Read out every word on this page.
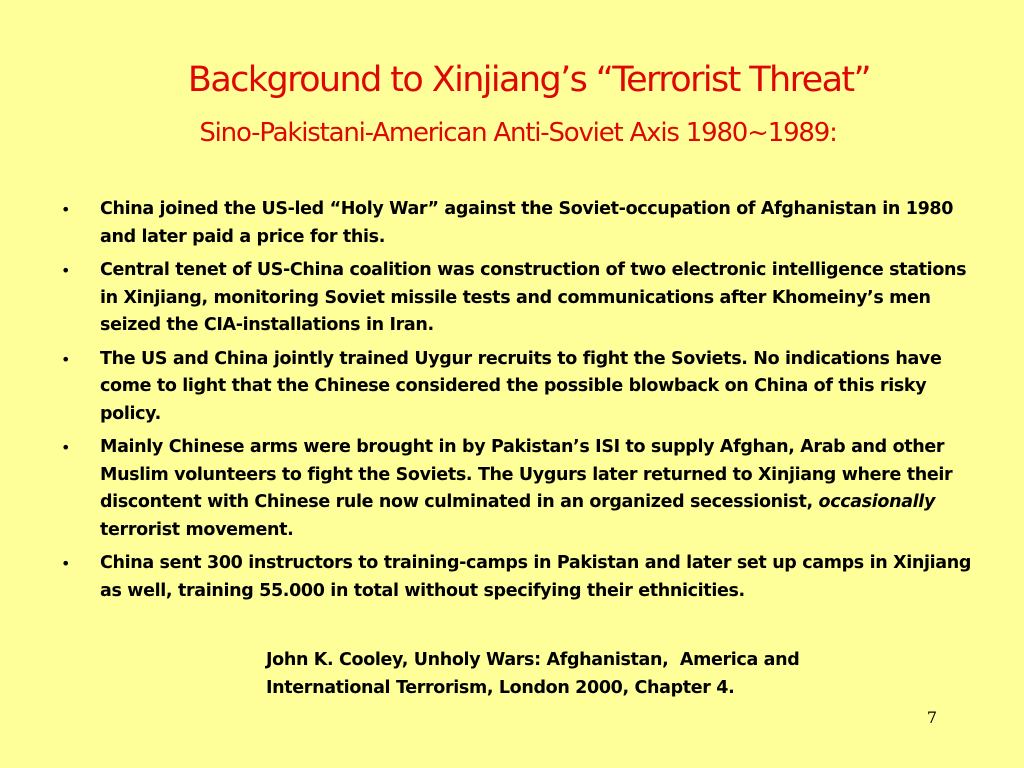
Background to Xinjiang’s “Terrorist Threat”
Sino-Pakistani-American Anti-Soviet Axis 1980~1989:
• China joined the US-led “Holy War” against the Soviet-occupation of Afghanistan in 1980 and later paid a price for this.
• Central tenet of US-China coalition was construction of two electronic intelligence stations in Xinjiang, monitoring Soviet missile tests and communications after Khomeiny’s men seized the CIA-installations in Iran.
• The US and China jointly trained Uygur recruits to fight the Soviets. No indications have come to light that the Chinese considered the possible blowback on China of this risky policy.
• Mainly Chinese arms were brought in by Pakistan’s ISI to supply Afghan, Arab and other Muslim volunteers to fight the Soviets. The Uygurs later returned to Xinjiang where their discontent with Chinese rule now culminated in an organized secessionist, occasionally  terrorist movement.
• China sent 300 instructors to training-camps in Pakistan and later set up camps in Xinjiang as well, training 55.000 in total without specifying their ethnicities.
John K. Cooley, Unholy Wars: Afghanistan,  America and
International Terrorism, London 2000, Chapter 4.
7
